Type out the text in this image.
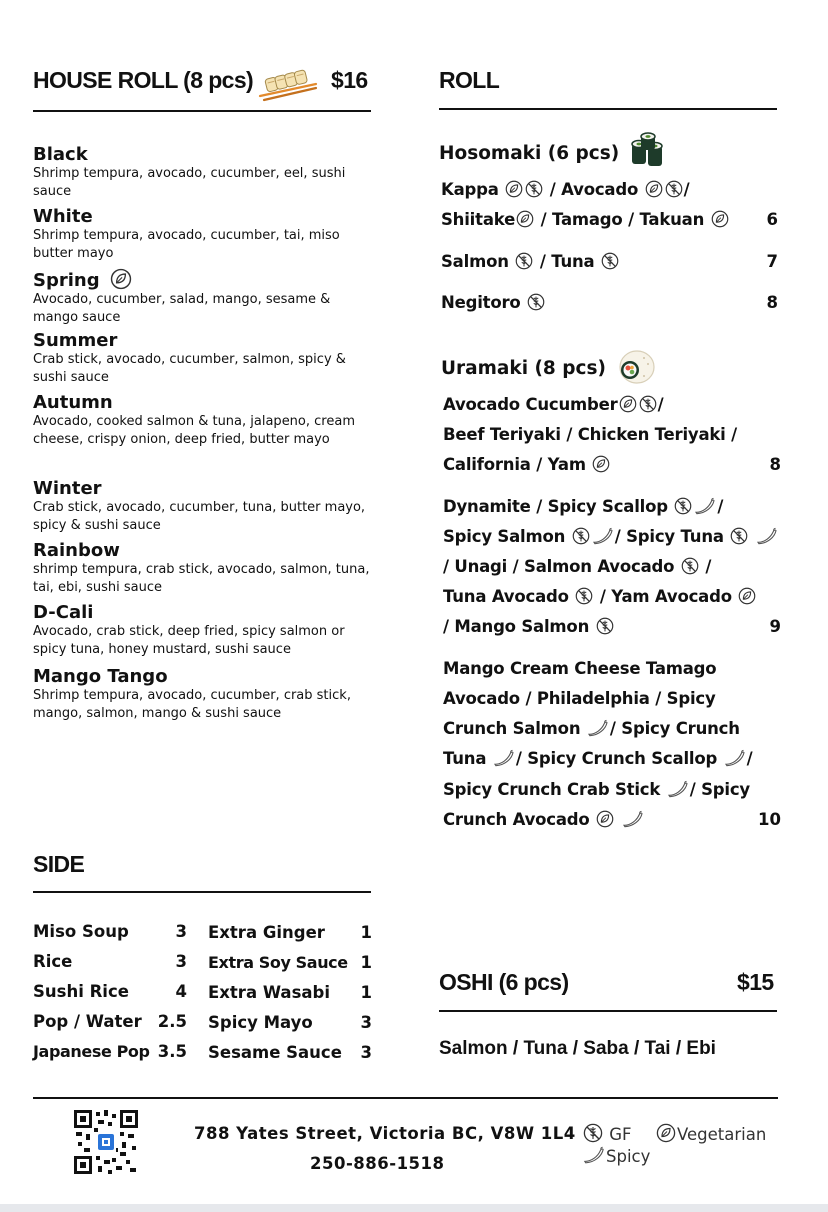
HOUSE ROLL (8 pcs)	$16
Black
Shrimp tempura, avocado, cucumber, eel, sushi sauce
White
Shrimp tempura, avocado, cucumber, tai, miso butter mayo
Spring
Avocado, cucumber, salad, mango, sesame & mango sauce
Summer
Crab stick, avocado, cucumber, salmon, spicy & sushi sauce
Autumn
Avocado, cooked salmon & tuna, jalapeno, cream cheese, crispy onion, deep fried, butter mayo
Winter
Crab stick, avocado, cucumber, tuna, butter mayo, spicy & sushi sauce
Rainbow
shrimp tempura, crab stick, avocado, salmon, tuna, tai, ebi, sushi sauce
D-Cali
Avocado, crab stick, deep fried, spicy salmon or spicy tuna, honey mustard, sushi sauce
Mango Tango
Shrimp tempura, avocado, cucumber, crab stick, mango, salmon, mango & sushi sauce
ROLL
Hosomaki (6 pcs)
Kappa	/ Avocado	/
Shiitake / Tamago / Takuan	6
Salmon / Tuna	7
Negitoro	8
Uramaki (8 pcs)
Avocado Cucumber /
Beef Teriyaki / Chicken Teriyaki /
California / Yam	8
Dynamite / Spicy Scallop	/
Spicy Salmon	/ Spicy Tuna

/ Unagi / Salmon Avocado /
Tuna Avocado / Yam Avocado
/ Mango Salmon	9
Mango Cream Cheese Tamago
Avocado / Philadelphia / Spicy
Crunch Salmon / Spicy Crunch
Tuna / Spicy Crunch Scallop /
Spicy Crunch Crab Stick / Spicy
Crunch Avocado
	10
SIDE
Miso Soup	3
Rice	3
Sushi Rice	4
Pop / Water 2.5
Japanese Pop 3.5
Extra Ginger	1
Extra Soy Sauce 1
Extra Wasabi	1
Spicy Mayo	3
Sesame Sauce	3
OSHI (6 pcs)	$15
Salmon / Tuna / Saba / Tai / Ebi
788 Yates Street, Victoria BC, V8W 1L4
250-886-1518
GF	Vegetarian
Spicy
